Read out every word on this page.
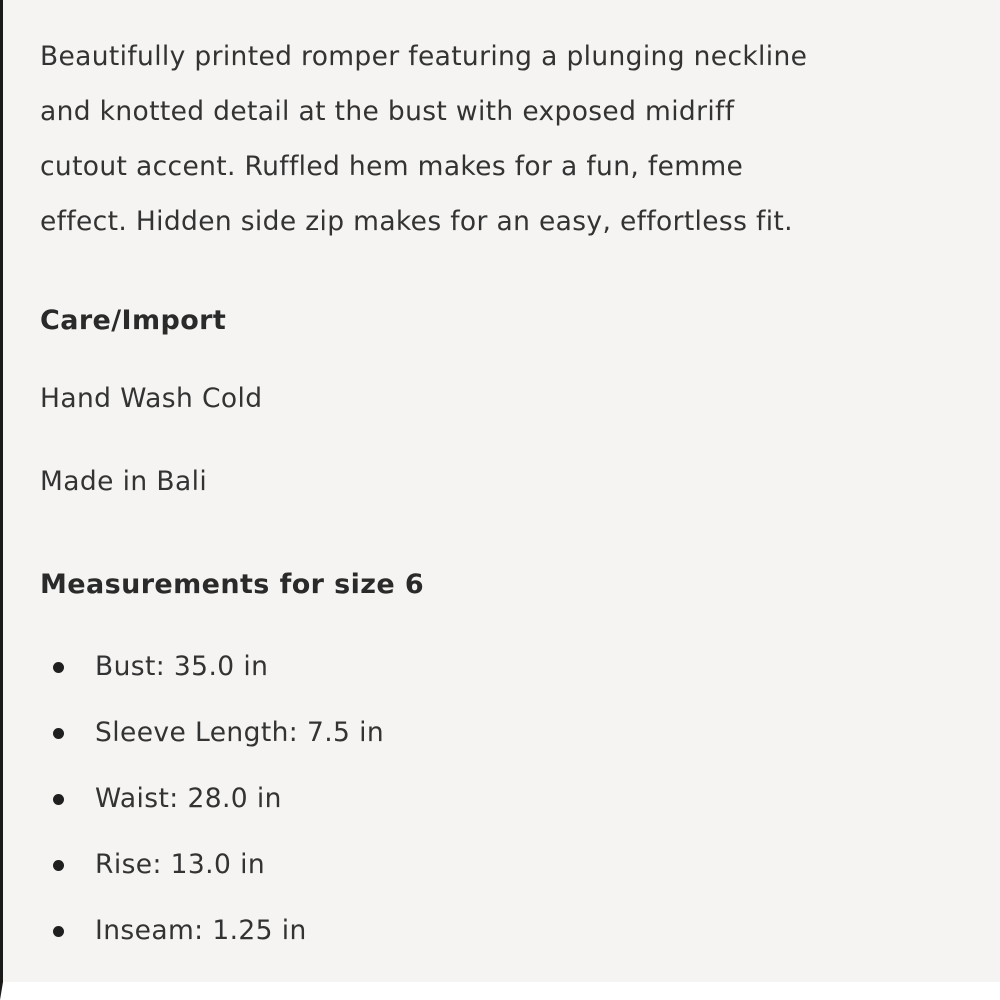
Beautifully printed romper featuring a plunging neckline
and knotted detail at the bust with exposed midriff
cutout accent. Ruffled hem makes for a fun, femme
effect. Hidden side zip makes for an easy, effortless fit.

Care/Import

Hand Wash Cold

Made in Bali

Measurements for size 6
Bust: 35.0 in
Sleeve Length: 7.5 in
Waist: 28.0 in
Rise: 13.0 in
Inseam: 1.25 in
